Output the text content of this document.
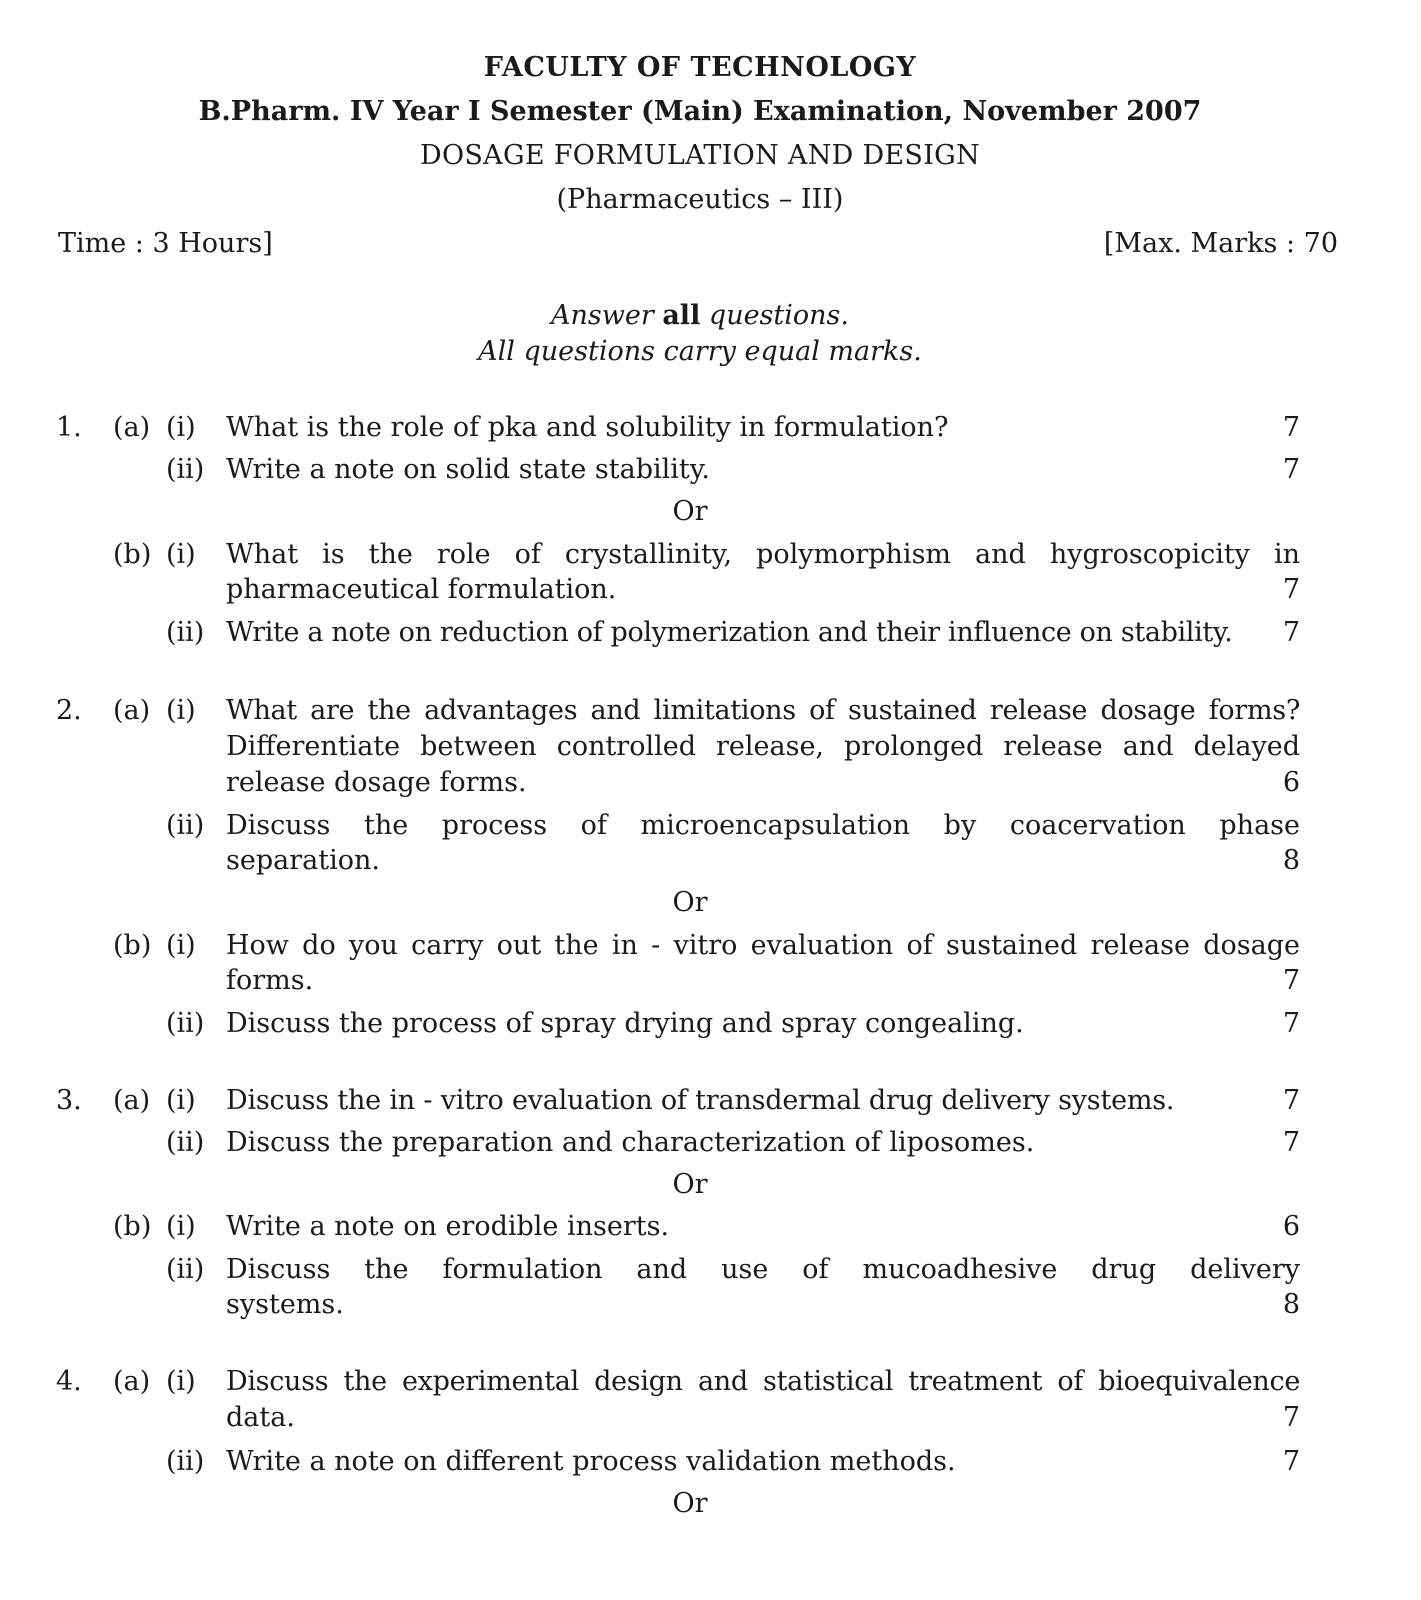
FACULTY OF TECHNOLOGY
B.Pharm. IV Year I Semester (Main) Examination, November 2007
DOSAGE FORMULATION AND DESIGN
(Pharmaceutics – III)
Time : 3 Hours]	[Max. Marks : 70
Answer all questions.
All questions carry equal marks.
1. (a) (i) What is the role of pka and solubility in formulation?	7
(ii) Write a note on solid state stability.	7
Or
(b) (i) What is the role of crystallinity, polymorphism and hygroscopicity in
pharmaceutical formulation.	7
(ii) Write a note on reduction of polymerization and their influence on stability.	7
2. (a) (i) What are the advantages and limitations of sustained release dosage forms?
Differentiate between controlled release, prolonged release and delayed
release dosage forms.	6
(ii) Discuss the process of microencapsulation by coacervation phase
separation.	8
Or
(b) (i) How do you carry out the in - vitro evaluation of sustained release dosage
forms.	7
(ii) Discuss the process of spray drying and spray congealing.	7
3. (a) (i) Discuss the in - vitro evaluation of transdermal drug delivery systems.	7
(ii) Discuss the preparation and characterization of liposomes.	7
Or
(b) (i) Write a note on erodible inserts.	6
(ii) Discuss the formulation and use of mucoadhesive drug delivery
systems.	8
4. (a) (i) Discuss the experimental design and statistical treatment of bioequivalence
data.	7
(ii) Write a note on different process validation methods.	7
Or
